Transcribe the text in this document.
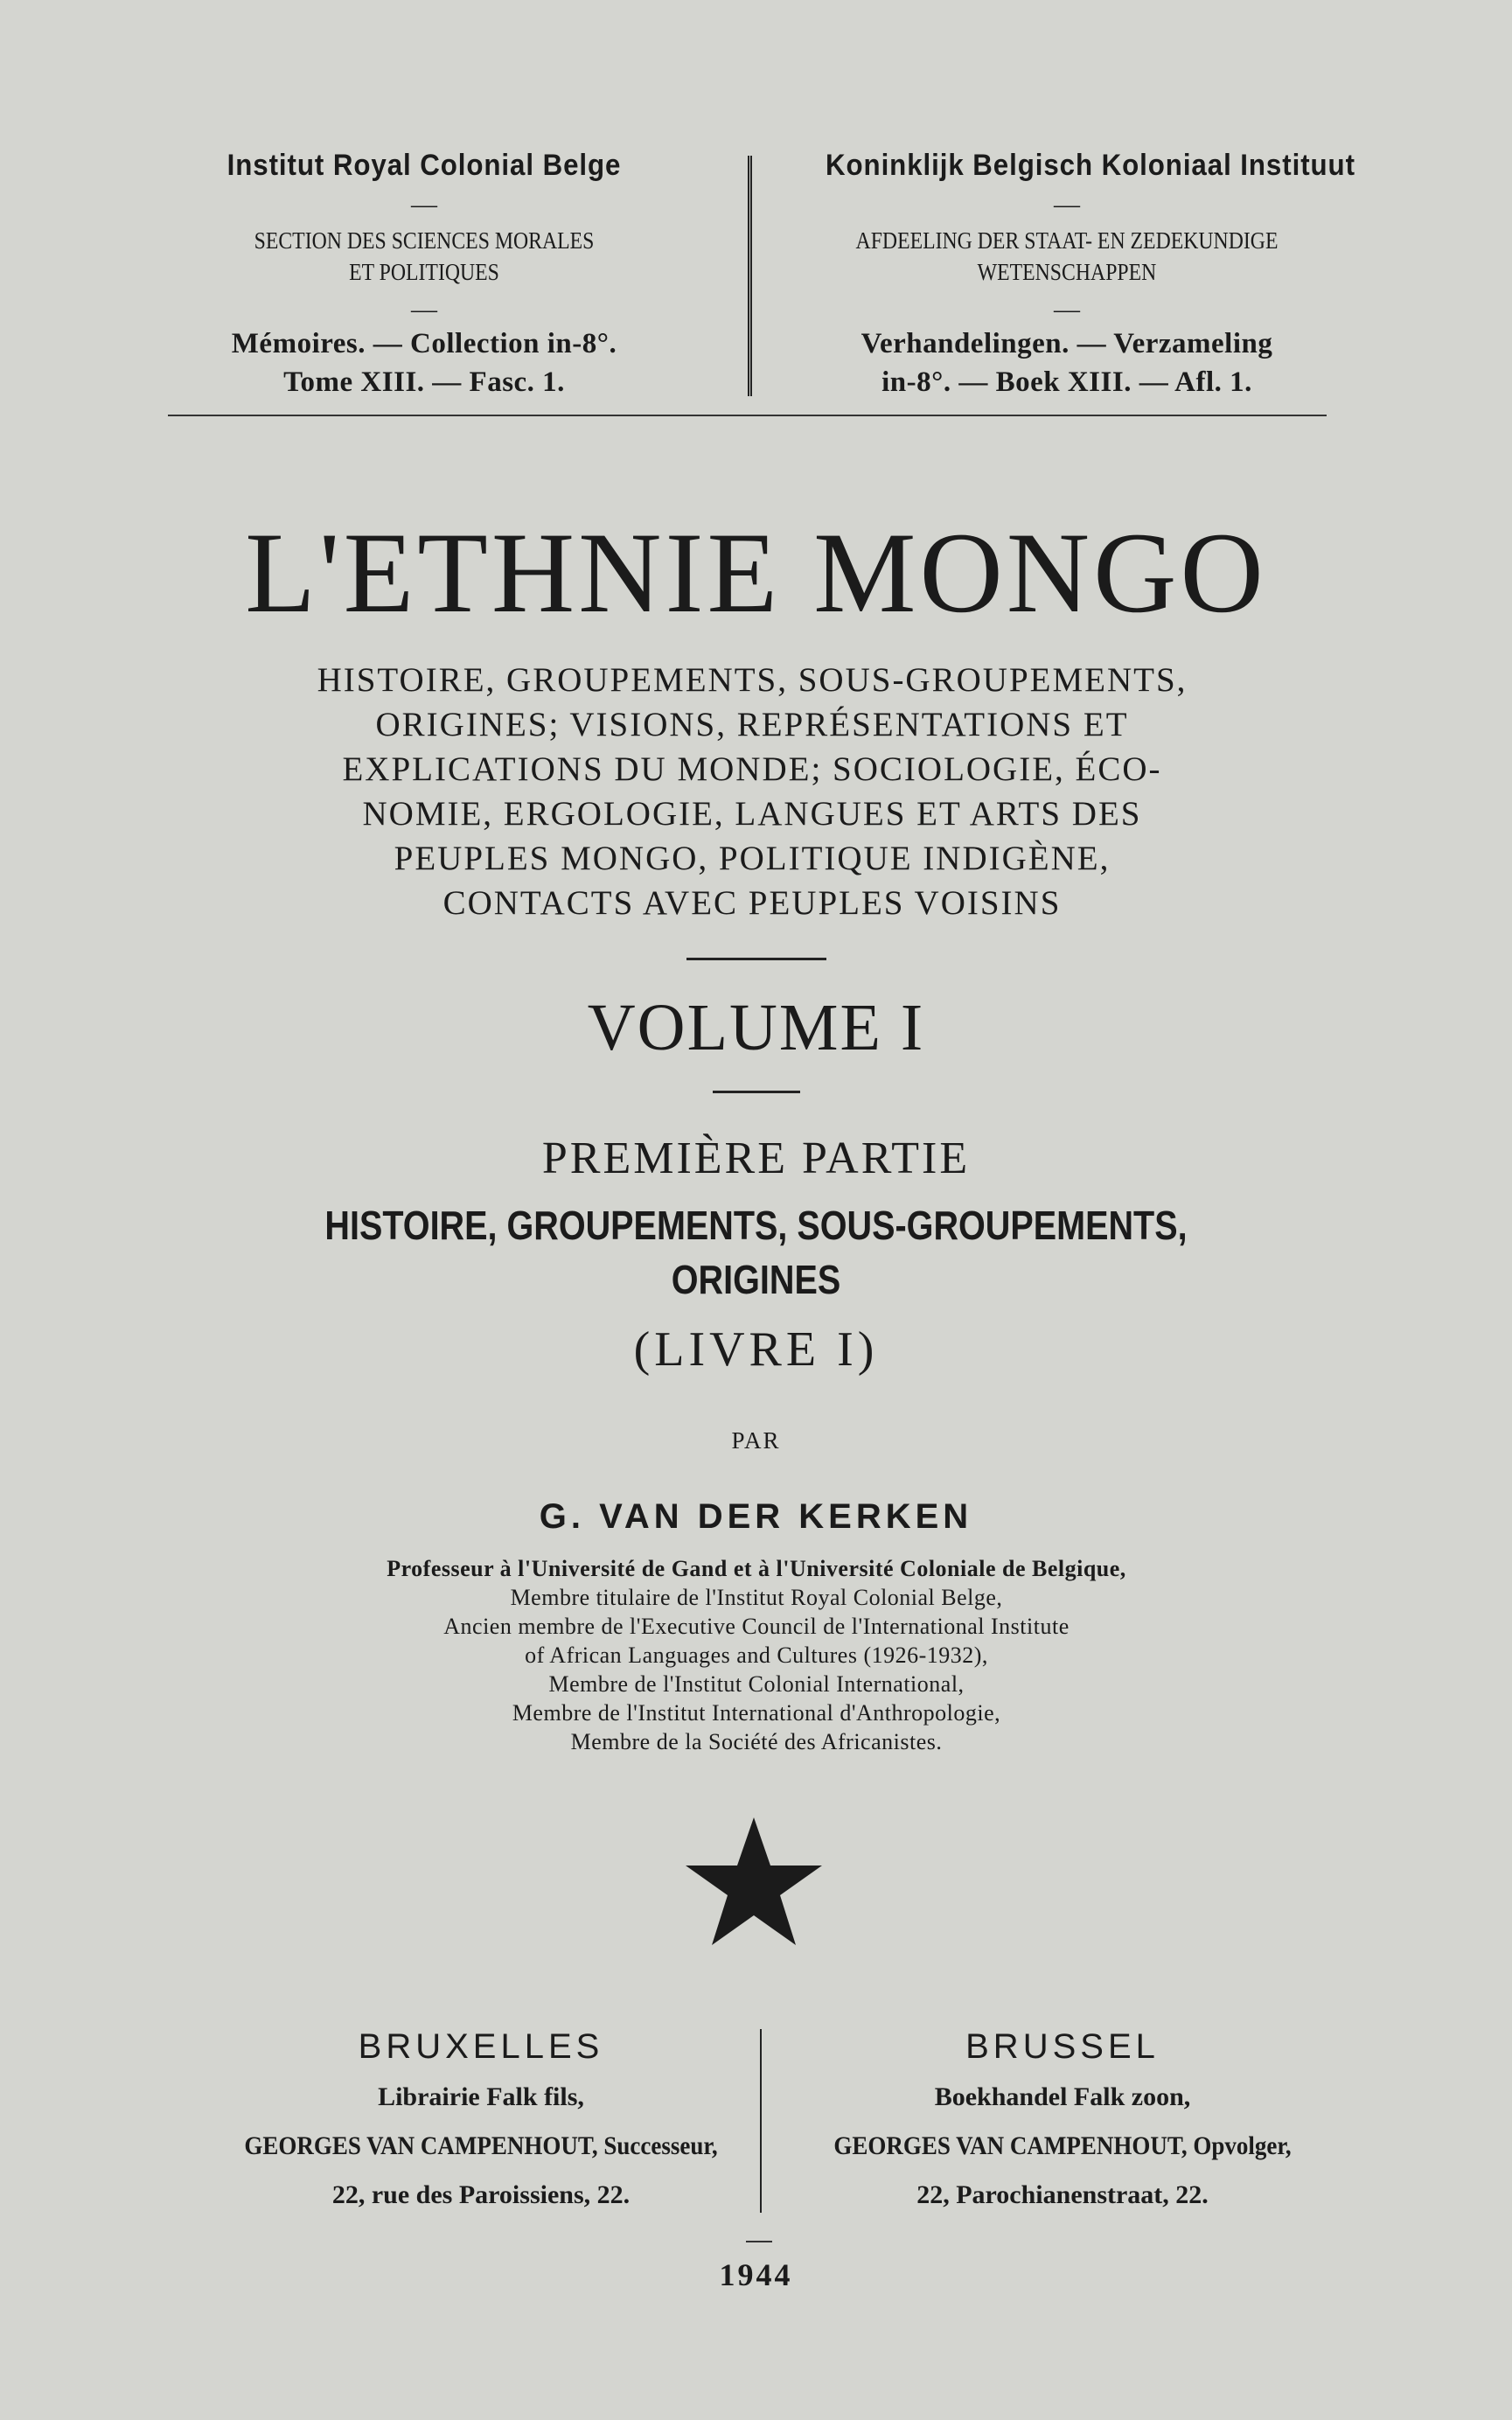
Institut Royal Colonial Belge
—
SECTION DES SCIENCES MORALES
ET POLITIQUES
—
Mémoires. — Collection in-8°.
Tome XIII. — Fasc. 1.
Koninklijk Belgisch Koloniaal Instituut
—
AFDEELING DER STAAT- EN ZEDEKUNDIGE
WETENSCHAPPEN
—
Verhandelingen. — Verzameling
in-8°. — Boek XIII. — Afl. 1.
L'ETHNIE MONGO
HISTOIRE, GROUPEMENTS, SOUS-GROUPEMENTS,
ORIGINES; VISIONS, REPRÉSENTATIONS ET
EXPLICATIONS DU MONDE; SOCIOLOGIE, ÉCO-
NOMIE, ERGOLOGIE, LANGUES ET ARTS DES
PEUPLES MONGO, POLITIQUE INDIGÈNE,
CONTACTS AVEC PEUPLES VOISINS
VOLUME I
PREMIÈRE PARTIE
HISTOIRE, GROUPEMENTS, SOUS-GROUPEMENTS,
ORIGINES
(LIVRE I)
PAR
G. VAN DER KERKEN
Professeur à l'Université de Gand et à l'Université Coloniale de Belgique,
Membre titulaire de l'Institut Royal Colonial Belge,
Ancien membre de l'Executive Council de l'International Institute
of African Languages and Cultures (1926-1932),
Membre de l'Institut Colonial International,
Membre de l'Institut International d'Anthropologie,
Membre de la Société des Africanistes.
BRUXELLES
Librairie Falk fils,
GEORGES VAN CAMPENHOUT, Successeur,
22, rue des Paroissiens, 22.
BRUSSEL
Boekhandel Falk zoon,
GEORGES VAN CAMPENHOUT, Opvolger,
22, Parochianenstraat, 22.
1944
